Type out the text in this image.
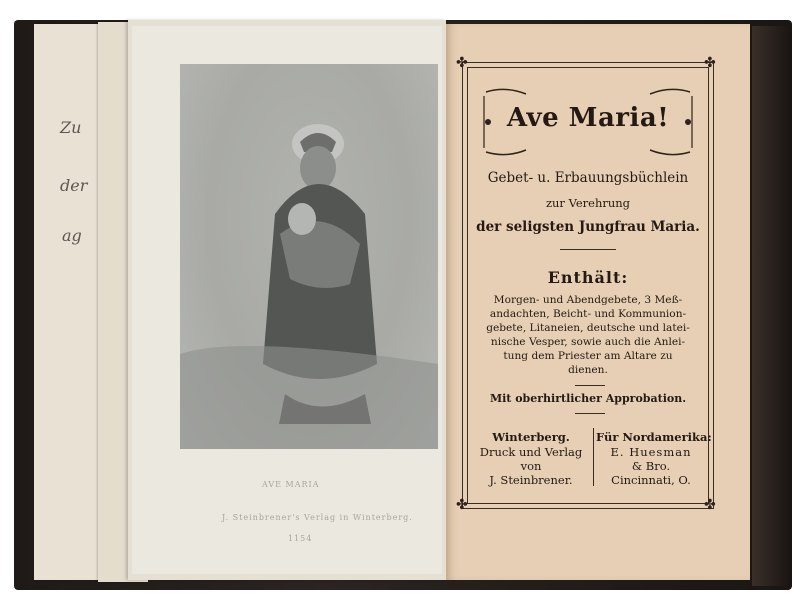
Zu
der
ag
AVE MARIA
J. Steinbrener's Verlag in Winterberg.
1154
✤	✤
✤	✤
Ave Maria!
Gebet- u. Erbauungsbüchlein
zur Verehrung
der seligsten Jungfrau Maria.
Enthält:
Morgen- und Abendgebete, 3 Meß-
andachten, Beicht- und Kommunion-
gebete, Litaneien, deutsche und latei-
nische Vesper, sowie auch die Anlei-
tung dem Priester am Altare zu
dienen.
Mit oberhirtlicher Approbation.
Winterberg.
Druck und Verlag
von
J. Steinbrener.
Für Nordamerika:
E. Huesman
& Bro.
Cincinnati, O.
